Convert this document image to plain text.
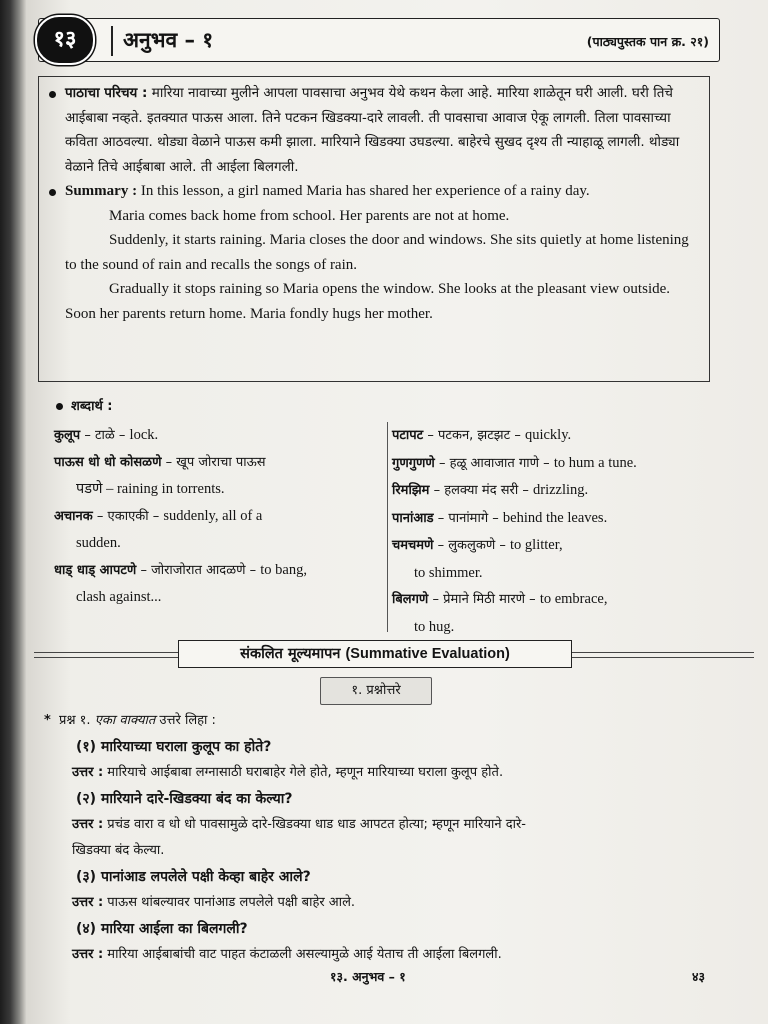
१३	अनुभव – १	(पाठ्यपुस्तक पान क्र. २१)

पाठाचा परिचय : मारिया नावाच्या मुलीने आपला पावसाचा अनुभव येथे कथन केला आहे. मारिया शाळेतून घरी आली. घरी तिचे आईबाबा नव्हते. इतक्यात पाऊस आला. तिने पटकन खिडक्या-दारे लावली. ती पावसाचा आवाज ऐकू लागली. तिला पावसाच्या कविता आठवल्या. थोड्या वेळाने पाऊस कमी झाला. मारियाने खिडक्या उघडल्या. बाहेरचे सुखद दृश्य ती न्याहाळू लागली. थोड्या वेळाने तिचे आईबाबा आले. ती आईला बिलगली.

Summary : In this lesson, a girl named Maria has shared her experience of a rainy day.

Maria comes back home from school. Her parents are not at home.

Suddenly, it starts raining. Maria closes the door and windows. She sits quietly at home listening to the sound of rain and recalls the songs of rain.

Gradually it stops raining so Maria opens the window. She looks at the pleasant view outside. Soon her parents return home. Maria fondly hugs her mother.

शब्दार्थ :

कुलूप – टाळे – lock.

पाऊस धो धो कोसळणे – खूप जोराचा पाऊस
पडणे – raining in torrents.

अचानक – एकाएकी – suddenly, all of a
sudden.

धाड् धाड् आपटणे – जोराजोरात आदळणे – to bang,
clash against...

पटापट – पटकन, झटझट – quickly.

गुणगुणणे – हळू आवाजात गाणे – to hum a tune.

रिमझिम – हलक्या मंद सरी – drizzling.

पानांआड – पानांमागे – behind the leaves.

चमचमणे – लुकलुकणे – to glitter,
to shimmer.

बिलगणे – प्रेमाने मिठी मारणे – to embrace,
to hug.

संकलित मूल्यमापन (Summative Evaluation)
१. प्रश्नोत्तरे

* प्रश्न १. एका वाक्यात उत्तरे लिहा :

(१) मारियाच्या घराला कुलूप का होते?

उत्तर : मारियाचे आईबाबा लग्नासाठी घराबाहेर गेले होते, म्हणून मारियाच्या घराला कुलूप होते.

(२) मारियाने दारे-खिडक्या बंद का केल्या?

उत्तर : प्रचंड वारा व धो धो पावसामुळे दारे-खिडक्या धाड धाड आपटत होत्या; म्हणून मारियाने दारे-

खिडक्या बंद केल्या.

(३) पानांआड लपलेले पक्षी केव्हा बाहेर आले?

उत्तर : पाऊस थांबल्यावर पानांआड लपलेले पक्षी बाहेर आले.

(४) मारिया आईला का बिलगली?

उत्तर : मारिया आईबाबांची वाट पाहत कंटाळली असल्यामुळे आई येताच ती आईला बिलगली.

१३. अनुभव – १	४३
